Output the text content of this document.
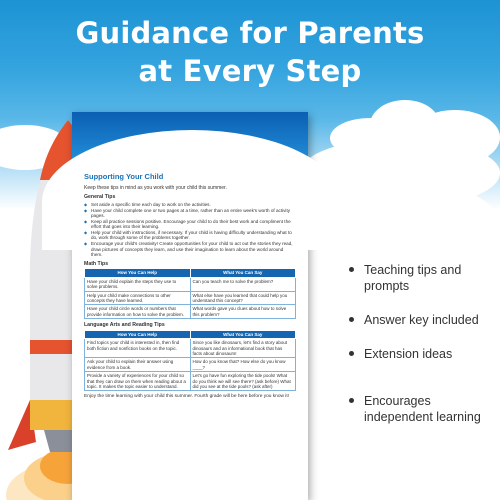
Guidance for Parents
at Every Step
Supporting Your Child
Keep these tips in mind as you work with your child this summer.
General Tips
◆ Set aside a specific time each day to work on the activities.
◆ Have your child complete one or two pages at a time, rather than an entire week's worth of activity pages.
◆ Keep all practice sessions positive. Encourage your child to do their best work and compliment the effort that goes into their learning.
◆ Help your child with instructions, if necessary. If your child is having difficulty understanding what to do, work through some of the problems together.
◆ Encourage your child's creativity! Create opportunities for your child to act out the stories they read, draw pictures of concepts they learn, and use their imagination to learn about the world around them.
Math Tips
How You Can Help	What You Can Say
Have your child explain the steps they use to solve problems.	Can you teach me to solve the problem?
Help your child make connections to other concepts they have learned.	What else have you learned that could help you understand this concept?
Have your child circle words or numbers that provide information on how to solve the problem.	What words gave you clues about how to solve this problem?
Language Arts and Reading Tips
How You Can Help	What You Can Say
Find topics your child is interested in, then find both fiction and nonfiction books on the topic.	Since you like dinosaurs, let's find a story about dinosaurs and an informational book that has facts about dinosaurs!
Ask your child to explain their answer using evidence from a book.	How do you know that? How else do you know ____?
Provide a variety of experiences for your child so that they can draw on them when reading about a topic. It makes the topic easier to understand.	Let's go have fun exploring the tide pools! What do you think we will see there? (ask before) What did you see at the tide pools? (ask after)
Enjoy the time learning with your child this summer. Fourth grade will be here before you know it!
Teaching tips and prompts
Answer key included
Extension ideas
Encourages independent learning
